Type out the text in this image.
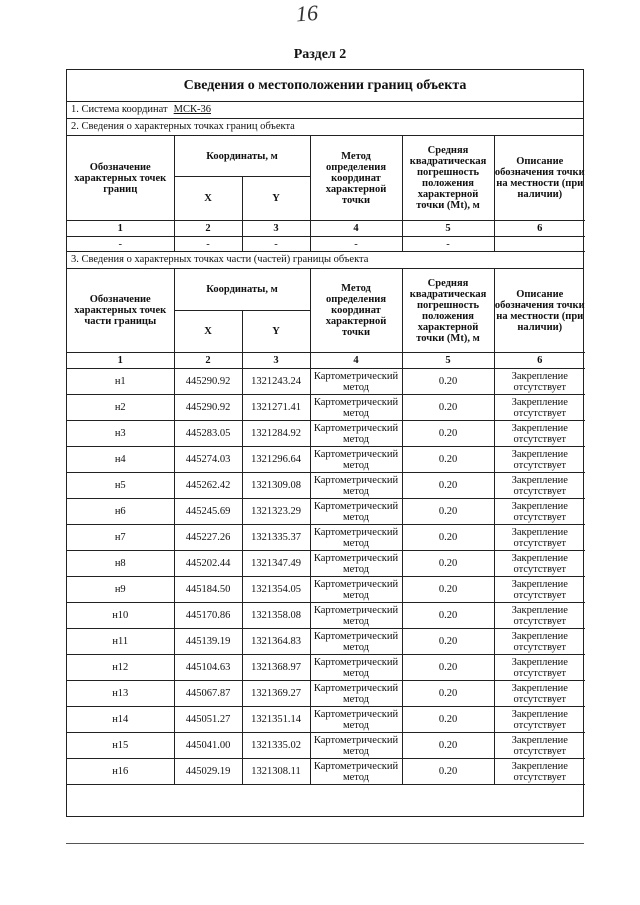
16
Раздел 2
Сведения о местоположении границ объекта
1. Система координат МСК-36
2. Сведения о характерных точках границ объекта
Обозначение характерных точек границ	Координаты, м		Метод определения координат характерной точки	Средняя квадратическая погрешность положения характерной точки (Mt), м	Описание обозначения точки на местности (при наличии)
	X	Y			
1	2	3	4	5	6
-	-	-	-	-	
3. Сведения о характерных точках части (частей) границы объекта
Обозначение характерных точек части границы	Координаты, м		Метод определения координат характерной точки	Средняя квадратическая погрешность положения характерной точки (Mt), м	Описание обозначения точки на местности (при наличии)
	X	Y			
1	2	3	4	5	6
н1	445290.92	1321243.24	Картометрический метод	0.20	Закрепление отсутствует
н2	445290.92	1321271.41	Картометрический метод	0.20	Закрепление отсутствует
н3	445283.05	1321284.92	Картометрический метод	0.20	Закрепление отсутствует
н4	445274.03	1321296.64	Картометрический метод	0.20	Закрепление отсутствует
н5	445262.42	1321309.08	Картометрический метод	0.20	Закрепление отсутствует
н6	445245.69	1321323.29	Картометрический метод	0.20	Закрепление отсутствует
н7	445227.26	1321335.37	Картометрический метод	0.20	Закрепление отсутствует
н8	445202.44	1321347.49	Картометрический метод	0.20	Закрепление отсутствует
н9	445184.50	1321354.05	Картометрический метод	0.20	Закрепление отсутствует
н10	445170.86	1321358.08	Картометрический метод	0.20	Закрепление отсутствует
н11	445139.19	1321364.83	Картометрический метод	0.20	Закрепление отсутствует
н12	445104.63	1321368.97	Картометрический метод	0.20	Закрепление отсутствует
н13	445067.87	1321369.27	Картометрический метод	0.20	Закрепление отсутствует
н14	445051.27	1321351.14	Картометрический метод	0.20	Закрепление отсутствует
н15	445041.00	1321335.02	Картометрический метод	0.20	Закрепление отсутствует
н16	445029.19	1321308.11	Картометрический метод	0.20	Закрепление отсутствует
